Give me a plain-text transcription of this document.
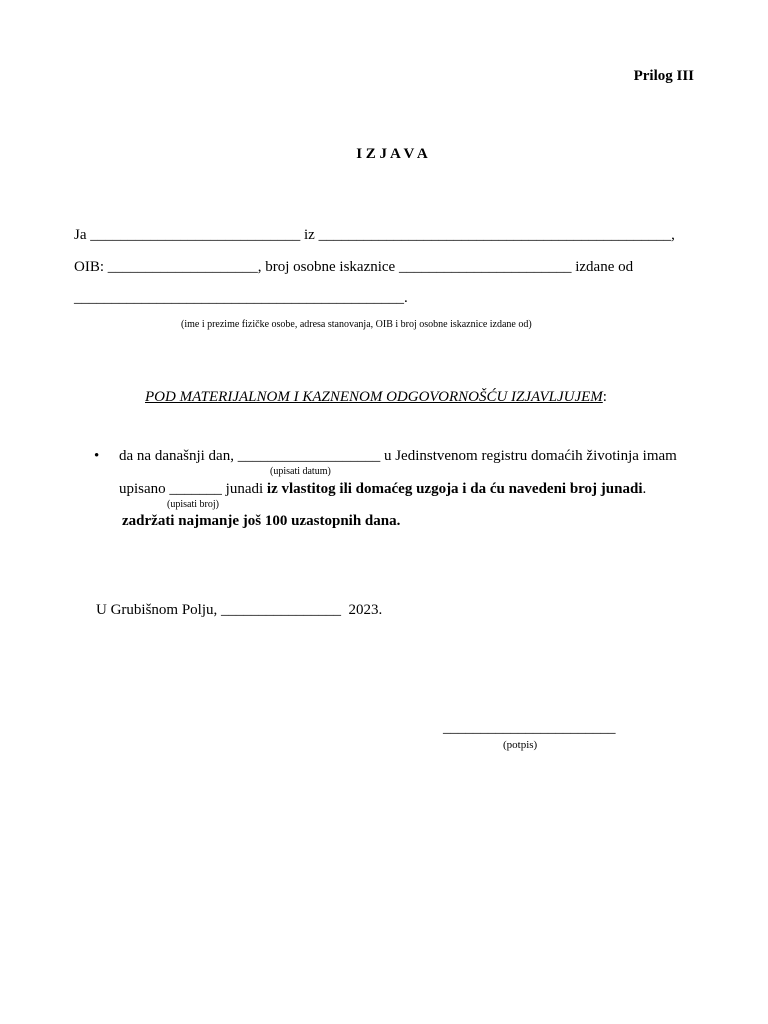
Prilog III
I Z J A V A
Ja ____________________________ iz _______________________________________________,
OIB: ____________________, broj osobne iskaznice _______________________ izdane od
____________________________________________.
(ime i prezime fizičke osobe, adresa stanovanja, OIB i broj osobne iskaznice izdane od)
POD MATERIJALNOM I KAZNENOM ODGOVORNOŠĆU IZJAVLJUJEM:
• da na današnji dan, ___________________ u Jedinstvenom registru domaćih životinja imam
(upisati datum)
upisano _______ junadi iz vlastitog ili domaćeg uzgoja i da ću navedeni broj junadi.
(upisati broj)
zadržati najmanje još 100 uzastopnih dana.
U Grubišnom Polju, ________________ 2023.
_______________________
(potpis)
